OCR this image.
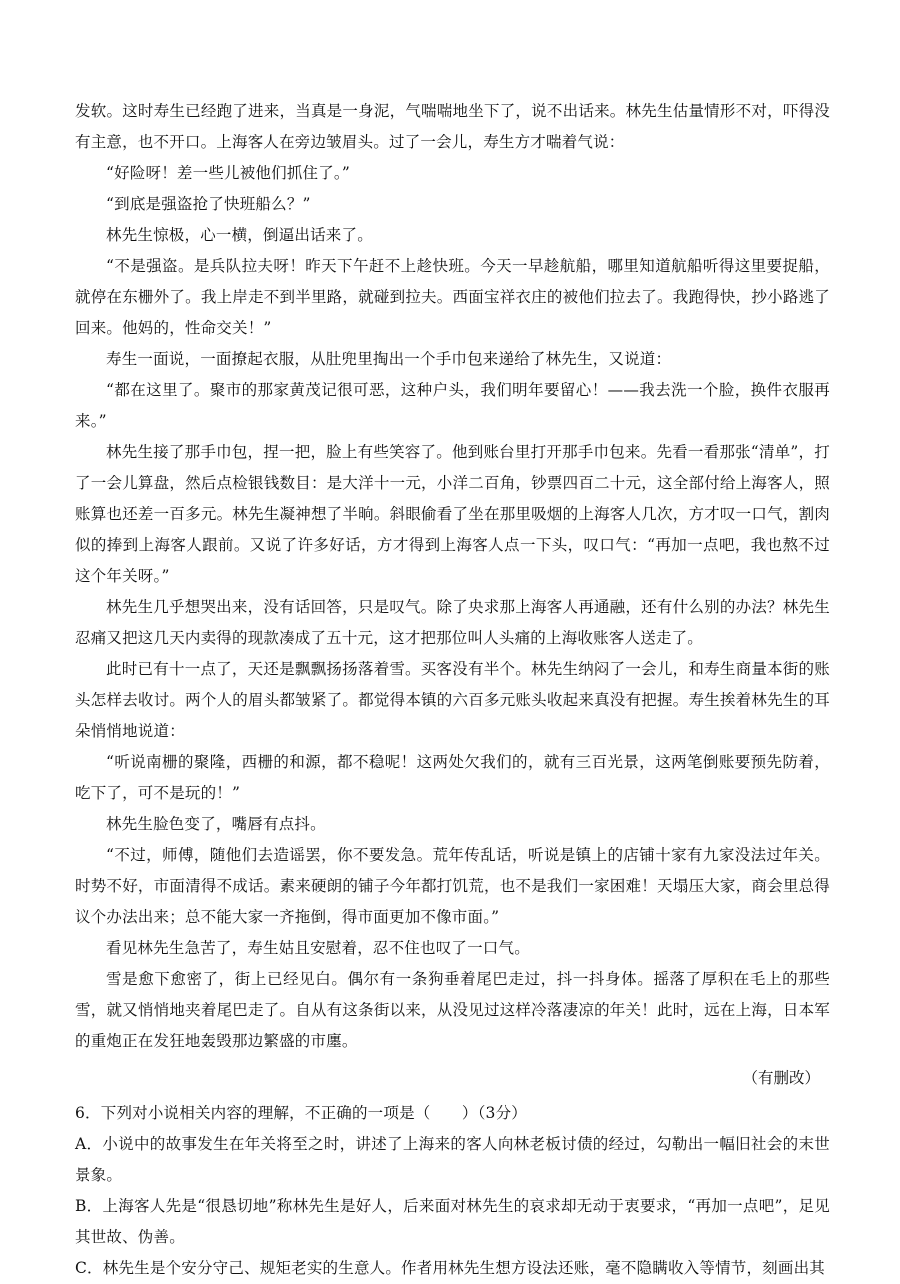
发软。这时寿生已经跑了进来，当真是一身泥，气喘喘地坐下了，说不出话来。林先生估量情形不对，吓得没有主意，也不开口。上海客人在旁边皱眉头。过了一会儿，寿生方才喘着气说：

“好险呀！差一些儿被他们抓住了。”

“到底是强盗抢了快班船么？”

林先生惊极，心一横，倒逼出话来了。

“不是强盗。是兵队拉夫呀！昨天下午赶不上趁快班。今天一早趁航船，哪里知道航船听得这里要捉船，就停在东栅外了。我上岸走不到半里路，就碰到拉夫。西面宝祥衣庄的被他们拉去了。我跑得快，抄小路逃了回来。他妈的，性命交关！”

寿生一面说，一面撩起衣服，从肚兜里掏出一个手巾包来递给了林先生，又说道：

“都在这里了。聚市的那家黄茂记很可恶，这种户头，我们明年要留心！——我去洗一个脸，换件衣服再来。”

林先生接了那手巾包，捏一把，脸上有些笑容了。他到账台里打开那手巾包来。先看一看那张“清单”，打了一会儿算盘，然后点检银钱数目：是大洋十一元，小洋二百角，钞票四百二十元，这全部付给上海客人，照账算也还差一百多元。林先生凝神想了半晌。斜眼偷看了坐在那里吸烟的上海客人几次，方才叹一口气，割肉似的捧到上海客人跟前。又说了许多好话，方才得到上海客人点一下头，叹口气：“再加一点吧，我也熬不过这个年关呀。”

林先生几乎想哭出来，没有话回答，只是叹气。除了央求那上海客人再通融，还有什么别的办法？林先生忍痛又把这几天内卖得的现款凑成了五十元，这才把那位叫人头痛的上海收账客人送走了。

此时已有十一点了，天还是飘飘扬扬落着雪。买客没有半个。林先生纳闷了一会儿，和寿生商量本街的账头怎样去收讨。两个人的眉头都皱紧了。都觉得本镇的六百多元账头收起来真没有把握。寿生挨着林先生的耳朵悄悄地说道：

“听说南栅的聚隆，西栅的和源，都不稳呢！这两处欠我们的，就有三百光景，这两笔倒账要预先防着，吃下了，可不是玩的！”

林先生脸色变了，嘴唇有点抖。

“不过，师傅，随他们去造谣罢，你不要发急。荒年传乱话，听说是镇上的店铺十家有九家没法过年关。时势不好，市面清得不成话。素来硬朗的铺子今年都打饥荒，也不是我们一家困难！天塌压大家，商会里总得议个办法出来；总不能大家一齐拖倒，得市面更加不像市面。”

看见林先生急苦了，寿生姑且安慰着，忍不住也叹了一口气。

雪是愈下愈密了，街上已经见白。偶尔有一条狗垂着尾巴走过，抖一抖身体。摇落了厚积在毛上的那些雪，就又悄悄地夹着尾巴走了。自从有这条街以来，从没见过这样冷落凄凉的年关！此时，远在上海，日本军的重炮正在发狂地轰毁那边繁盛的市廛。

（有删改）

6．下列对小说相关内容的理解，不正确的一项是（　　）（3分）

A．小说中的故事发生在年关将至之时，讲述了上海来的客人向林老板讨债的经过，勾勒出一幅旧社会的末世景象。

B．上海客人先是“很恳切地”称林先生是好人，后来面对林先生的哀求却无动于衷要求，“再加一点吧”，足见其世故、伪善。

C．林先生是个安分守己、规矩老实的生意人。作者用林先生想方设法还账，毫不隐瞒收入等情节，刻画出其
